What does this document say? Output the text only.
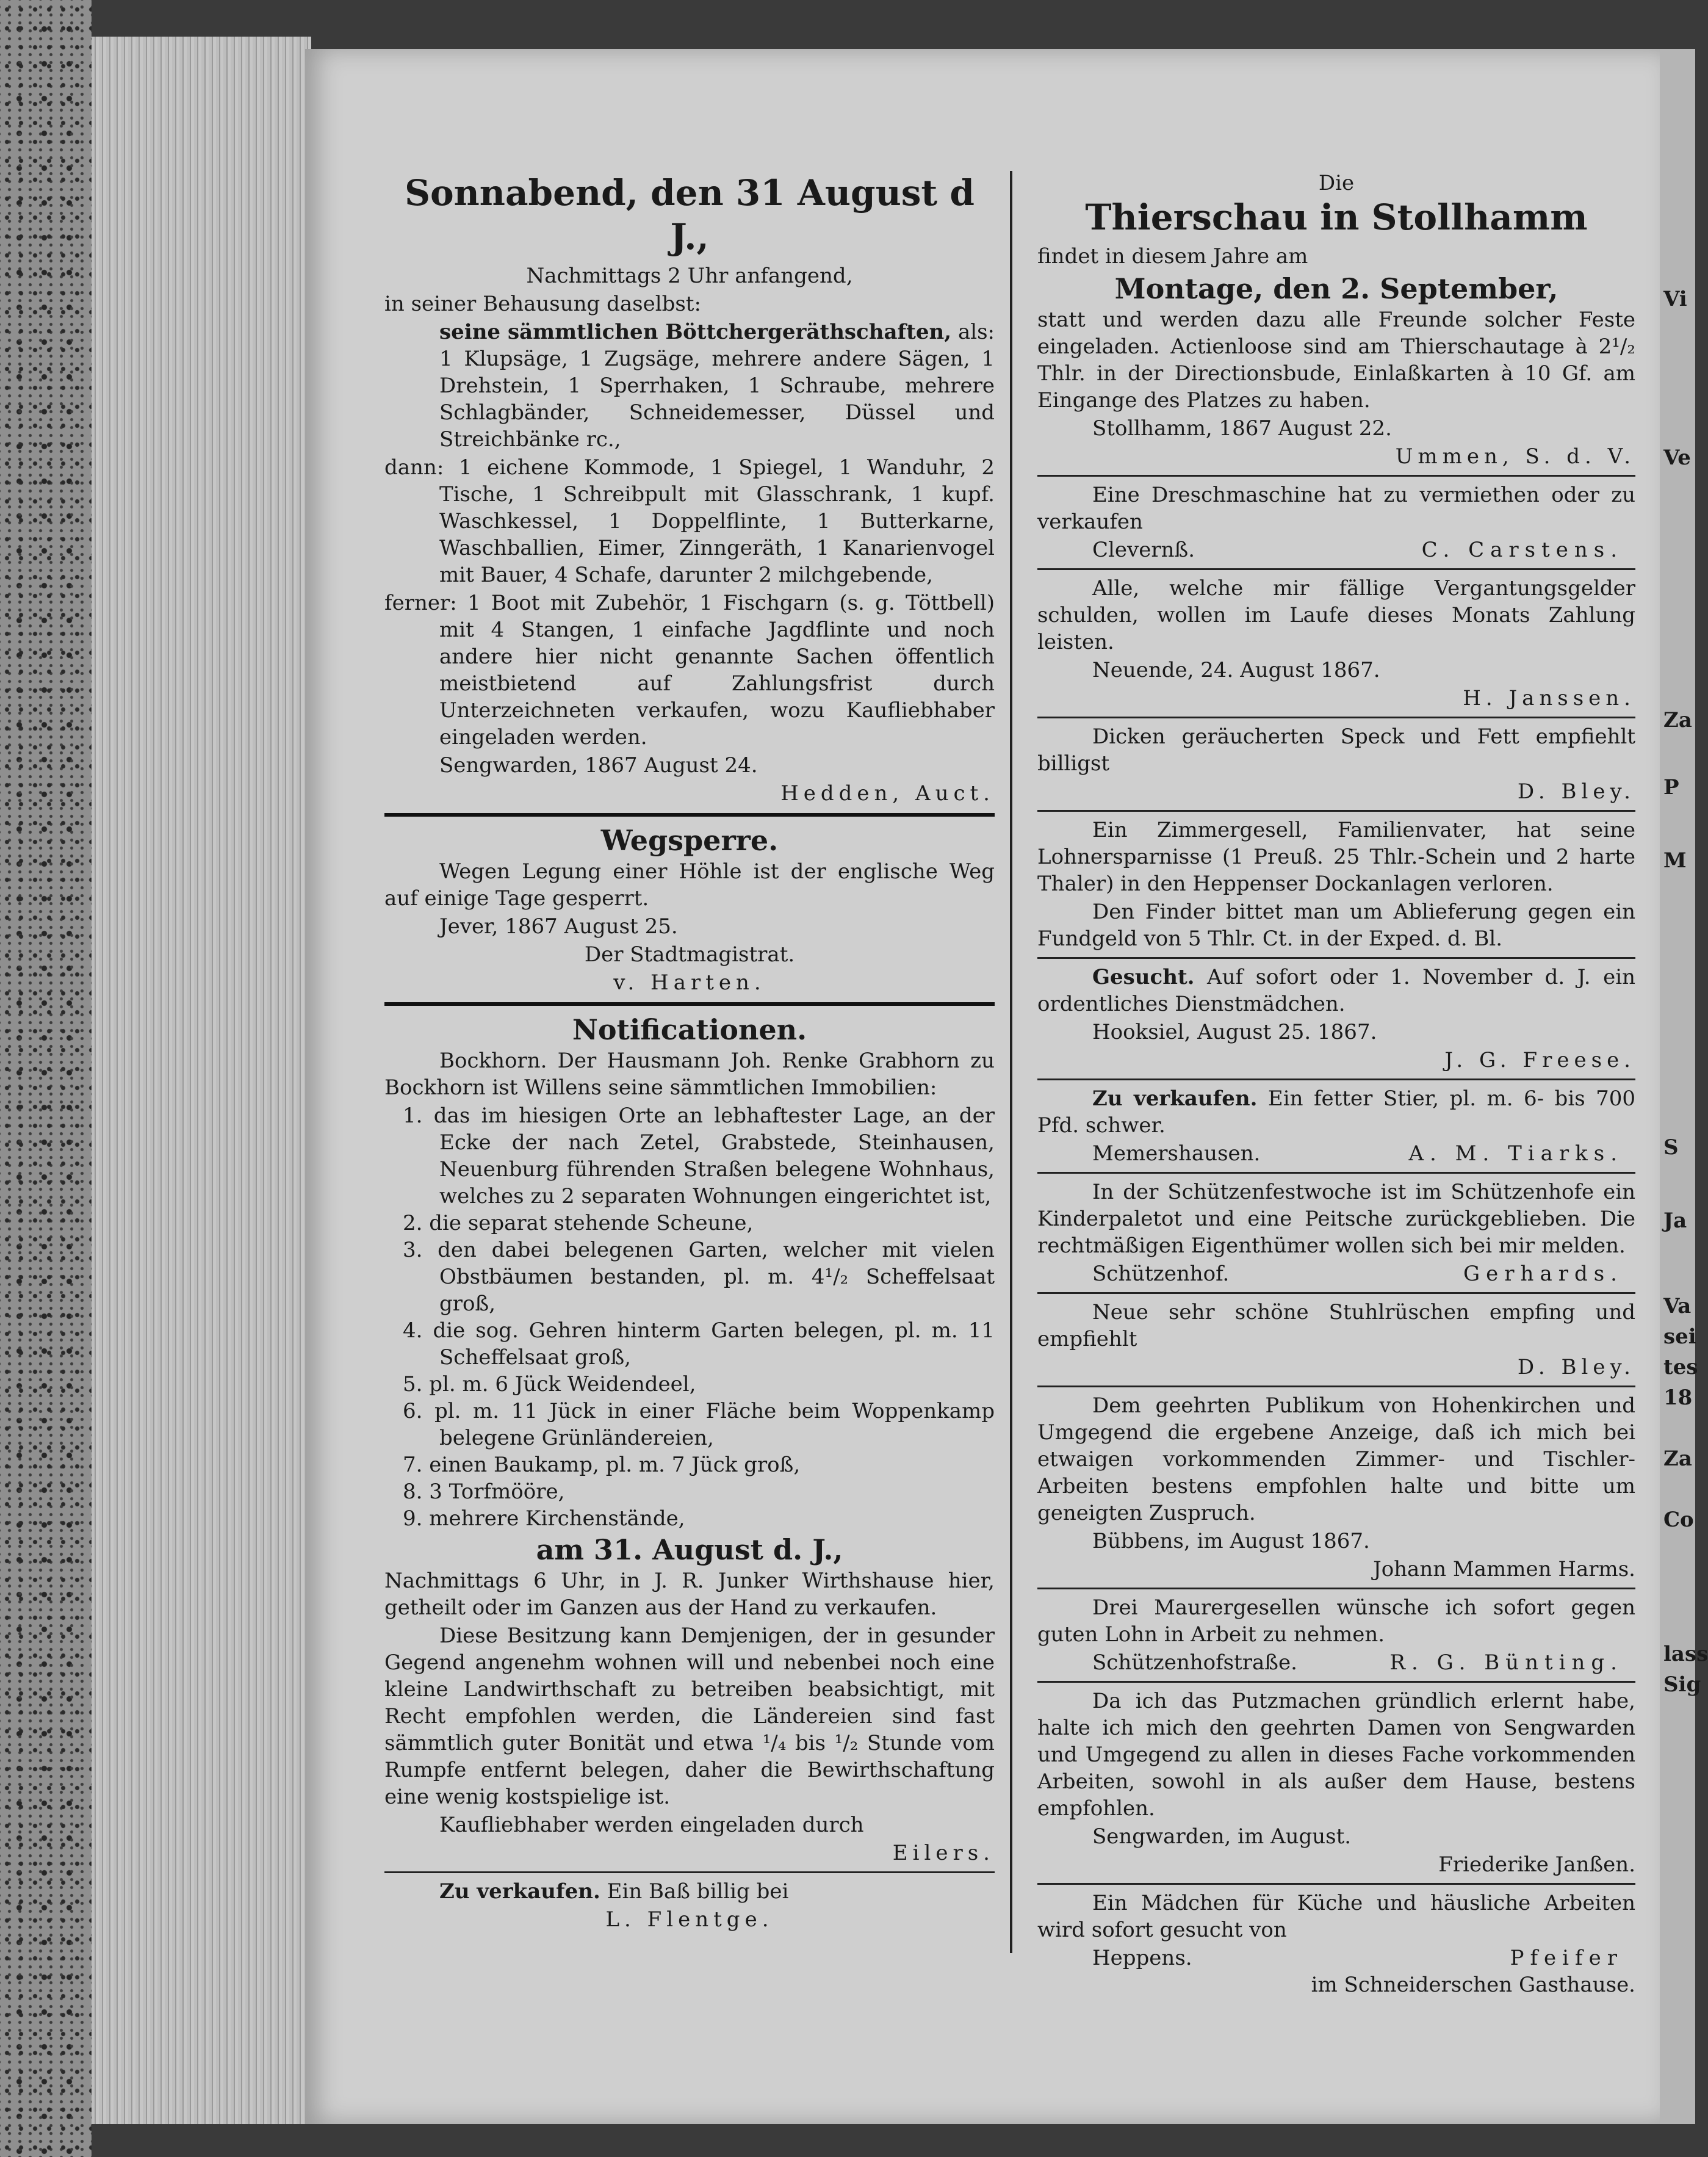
Sonnabend, den 31 August d J.,

Nachmittags 2 Uhr anfangend,

in seiner Behausung daselbst:

seine sämmtlichen Böttchergeräthschaften, als: 1 Klupsäge, 1 Zugsäge, mehrere andere Sägen, 1 Drehstein, 1 Sperrhaken, 1 Schraube, mehrere Schlagbänder, Schneidemesser, Düssel und Streichbänke rc.,

dann: 1 eichene Kommode, 1 Spiegel, 1 Wanduhr, 2 Tische, 1 Schreibpult mit Glasschrank, 1 kupf. Waschkessel, 1 Doppelflinte, 1 Butterkarne, Waschballien, Eimer, Zinngeräth, 1 Kanarienvogel mit Bauer, 4 Schafe, darunter 2 milchgebende,

ferner: 1 Boot mit Zubehör, 1 Fischgarn (s. g. Töttbell) mit 4 Stangen, 1 einfache Jagdflinte und noch andere hier nicht genannte Sachen öffentlich meistbietend auf Zahlungsfrist durch Unterzeichneten verkaufen, wozu Kaufliebhaber eingeladen werden.

Sengwarden, 1867 August 24.

Hedden, Auct.

Wegsperre.

Wegen Legung einer Höhle ist der englische Weg auf einige Tage gesperrt.

Jever, 1867 August 25.

Der Stadtmagistrat.

v. Harten.

Notificationen.

Bockhorn. Der Hausmann Joh. Renke Grabhorn zu Bockhorn ist Willens seine sämmtlichen Immobilien:

1. das im hiesigen Orte an lebhaftester Lage, an der Ecke der nach Zetel, Grabstede, Steinhausen, Neuenburg führenden Straßen belegene Wohnhaus, welches zu 2 separaten Wohnungen eingerichtet ist,
2. die separat stehende Scheune,
3. den dabei belegenen Garten, welcher mit vielen Obstbäumen bestanden, pl. m. 4¹/₂ Scheffelsaat groß,
4. die sog. Gehren hinterm Garten belegen, pl. m. 11 Scheffelsaat groß,
5. pl. m. 6 Jück Weidendeel,
6. pl. m. 11 Jück in einer Fläche beim Woppenkamp belegene Grünländereien,
7. einen Baukamp, pl. m. 7 Jück groß,
8. 3 Torfmööre,
9. mehrere Kirchenstände,

am 31. August d. J.,

Nachmittags 6 Uhr, in J. R. Junker Wirthshause hier, getheilt oder im Ganzen aus der Hand zu verkaufen.

Diese Besitzung kann Demjenigen, der in gesunder Gegend angenehm wohnen will und nebenbei noch eine kleine Landwirthschaft zu betreiben beabsichtigt, mit Recht empfohlen werden, die Ländereien sind fast sämmtlich guter Bonität und etwa ¹/₄ bis ¹/₂ Stunde vom Rumpfe entfernt belegen, daher die Bewirthschaftung eine wenig kostspielige ist.

Kaufliebhaber werden eingeladen durch

Eilers.

Zu verkaufen. Ein Baß billig bei

L. Flentge.

Die

Thierschau in Stollhamm

findet in diesem Jahre am

Montage, den 2. September,

statt und werden dazu alle Freunde solcher Feste eingeladen. Actienloose sind am Thierschautage à 2¹/₂ Thlr. in der Directionsbude, Einlaßkarten à 10 Gf. am Eingange des Platzes zu haben.

Stollhamm, 1867 August 22.

Ummen, S. d. V.

Eine Dreschmaschine hat zu vermiethen oder zu verkaufen

Clevernß.	C. Carstens.

Alle, welche mir fällige Vergantungsgelder schulden, wollen im Laufe dieses Monats Zahlung leisten.

Neuende, 24. August 1867.

H. Janssen.

Dicken geräucherten Speck und Fett empfiehlt billigst

D. Bley.

Ein Zimmergesell, Familienvater, hat seine Lohnersparnisse (1 Preuß. 25 Thlr.-Schein und 2 harte Thaler) in den Heppenser Dockanlagen verloren.

Den Finder bittet man um Ablieferung gegen ein Fundgeld von 5 Thlr. Ct. in der Exped. d. Bl.

Gesucht. Auf sofort oder 1. November d. J. ein ordentliches Dienstmädchen.

Hooksiel, August 25. 1867.

J. G. Freese.

Zu verkaufen. Ein fetter Stier, pl. m. 6- bis 700 Pfd. schwer.

Memershausen.	A. M. Tiarks.

In der Schützenfestwoche ist im Schützenhofe ein Kinderpaletot und eine Peitsche zurückgeblieben. Die rechtmäßigen Eigenthümer wollen sich bei mir melden.

Schützenhof.	Gerhards.

Neue sehr schöne Stuhlrüschen empfing und empfiehlt

D. Bley.

Dem geehrten Publikum von Hohenkirchen und Umgegend die ergebene Anzeige, daß ich mich bei etwaigen vorkommenden Zimmer- und Tischler-Arbeiten bestens empfohlen halte und bitte um geneigten Zuspruch.

Bübbens, im August 1867.

Johann Mammen Harms.

Drei Maurergesellen wünsche ich sofort gegen guten Lohn in Arbeit zu nehmen.

Schützenhofstraße.	R. G. Bünting.

Da ich das Putzmachen gründlich erlernt habe, halte ich mich den geehrten Damen von Sengwarden und Umgegend zu allen in dieses Fache vorkommenden Arbeiten, sowohl in als außer dem Hause, bestens empfohlen.

Sengwarden, im August.

Friederike Janßen.

Ein Mädchen für Küche und häusliche Arbeiten wird sofort gesucht von

Heppens.	Pfeifer

im Schneiderschen Gasthause.

Vi
Ve
Za
P
M
S
Ja
Va
sei
tes
18
Za
Co
lass
Sig
